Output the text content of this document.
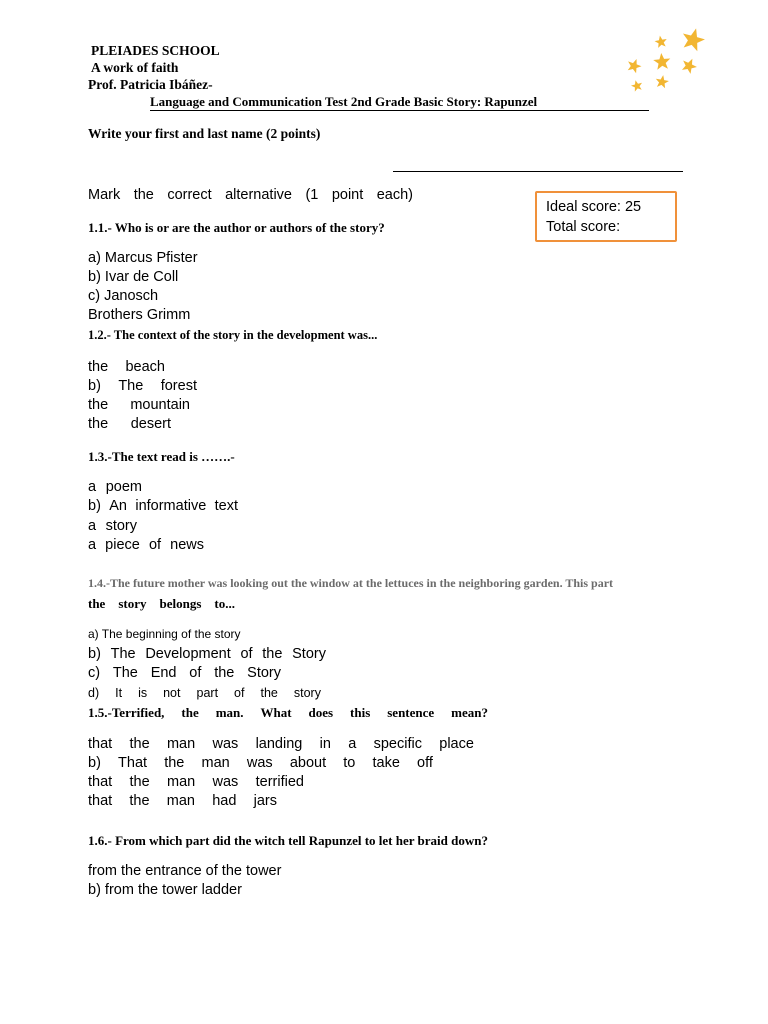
PLEIADES SCHOOL
A work of faith
Prof. Patricia Ibáñez-
Language and Communication Test 2nd Grade Basic Story: Rapunzel
Write your first and last name (2 points)
Mark the correct alternative (1 point each)
Ideal score: 25
Total score:
1.1.- Who is or are the author or authors of the story?
a) Marcus Pfister
b) Ivar de Coll
c) Janosch
Brothers Grimm
1.2.- The context of the story in the development was...
the beach
b) The forest
the mountain
the desert
1.3.-The text read is …….-
a poem
b) An informative text
a story
a piece of news
1.4.-The future mother was looking out the window at the lettuces in the neighboring garden. This part
the story belongs to...
a) The beginning of the story
b) The Development of the Story
c) The End of the Story
d) It is not part of the story
1.5.-Terrified, the man. What does this sentence mean?
that the man was landing in a specific place
b) That the man was about to take off
that the man was terrified
that the man had jars
1.6.- From which part did the witch tell Rapunzel to let her braid down?
from the entrance of the tower
b) from the tower ladder
